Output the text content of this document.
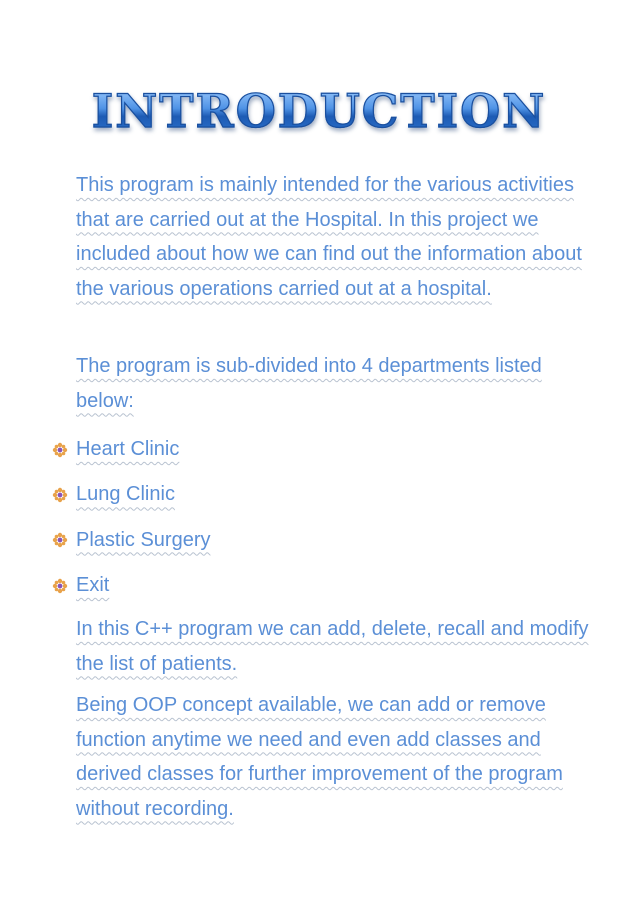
INTRODUCTION

This program is mainly intended for the various activities that are carried out at the Hospital. In this project we included about how we can find out the information about the various operations carried out at a hospital.

The program is sub-divided into 4 departments listed below:

Heart Clinic
Lung Clinic
Plastic Surgery
Exit

In this C++ program we can add, delete, recall and modify the list of patients.

Being OOP concept available, we can add or remove function anytime we need and even add classes and derived classes for further improvement of the program without recording.
